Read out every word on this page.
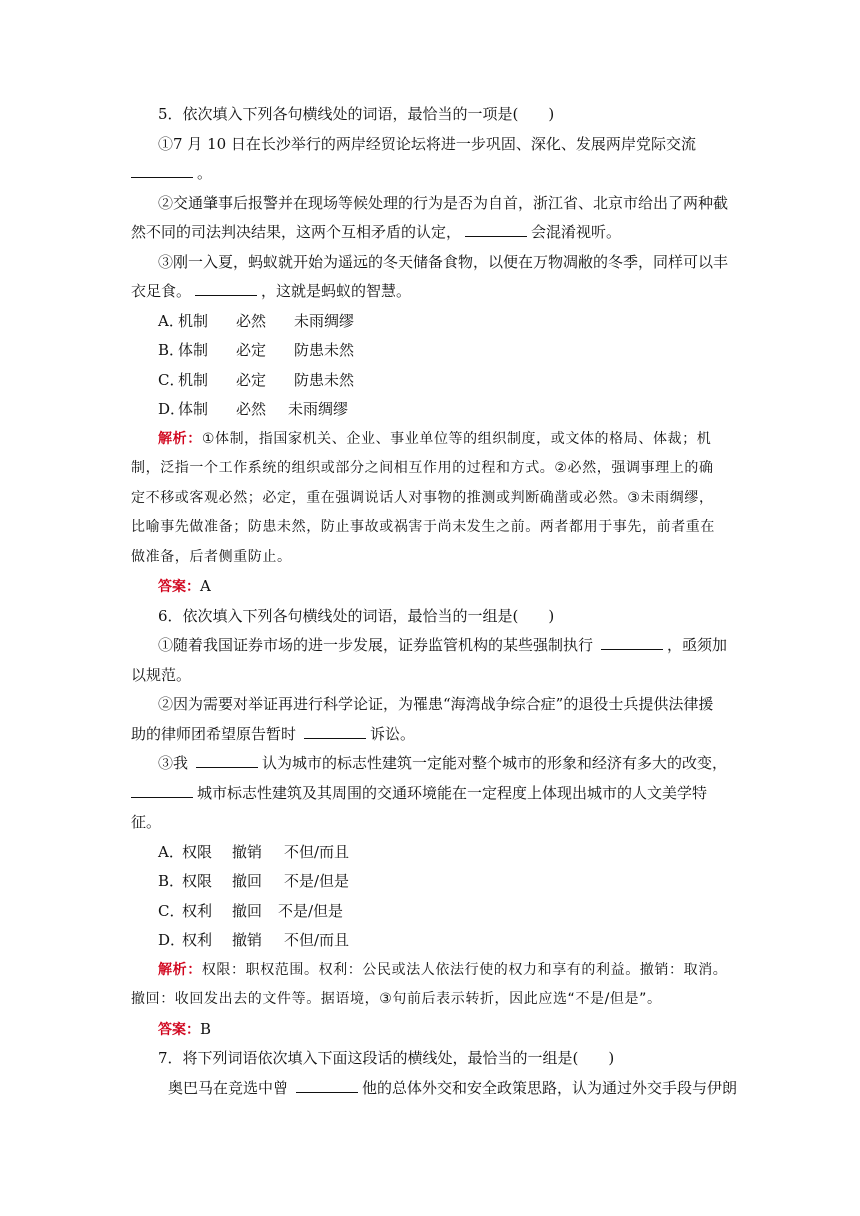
5．依次填入下列各句横线处的词语，最恰当的一项是(　　)
①7 月 10 日在长沙举行的两岸经贸论坛将进一步巩固、深化、发展两岸党际交流
。
②交通肇事后报警并在现场等候处理的行为是否为自首，浙江省、北京市给出了两种截
然不同的司法判决结果，这两个互相矛盾的认定，	会混淆视听。
③刚一入夏，蚂蚁就开始为遥远的冬天储备食物，以便在万物凋敝的冬季，同样可以丰
衣足食。	，这就是蚂蚁的智慧。
A．机制 必然 未雨绸缪
B．体制 必定 防患未然
C．机制 必定 防患未然
D．体制 必然 未雨绸缪
解析：①体制，指国家机关、企业、事业单位等的组织制度，或文体的格局、体裁；机
制，泛指一个工作系统的组织或部分之间相互作用的过程和方式。②必然，强调事理上的确
定不移或客观必然；必定，重在强调说话人对事物的推测或判断确凿或必然。③未雨绸缪，
比喻事先做准备；防患未然，防止事故或祸害于尚未发生之前。两者都用于事先，前者重在
做准备，后者侧重防止。
答案：A
6．依次填入下列各句横线处的词语，最恰当的一组是(　　)
①随着我国证券市场的进一步发展，证券监管机构的某些强制执行	，亟须加
以规范。
②因为需要对举证再进行科学论证，为罹患“海湾战争综合症”的退役士兵提供法律援
助的律师团希望原告暂时	诉讼。
③我	认为城市的标志性建筑一定能对整个城市的形象和经济有多大的改变，
城市标志性建筑及其周围的交通环境能在一定程度上体现出城市的人文美学特
征。
A．权限 撤销 不但/而且
B．权限 撤回 不是/但是
C．权利 撤回 不是/但是
D．权利 撤销 不但/而且
解析：权限：职权范围。权利：公民或法人依法行使的权力和享有的利益。撤销：取消。
撤回：收回发出去的文件等。据语境，③句前后表示转折，因此应选“不是/但是”。
答案：B
7．将下列词语依次填入下面这段话的横线处，最恰当的一组是(　　)
奥巴马在竞选中曾	他的总体外交和安全政策思路，认为通过外交手段与伊朗
